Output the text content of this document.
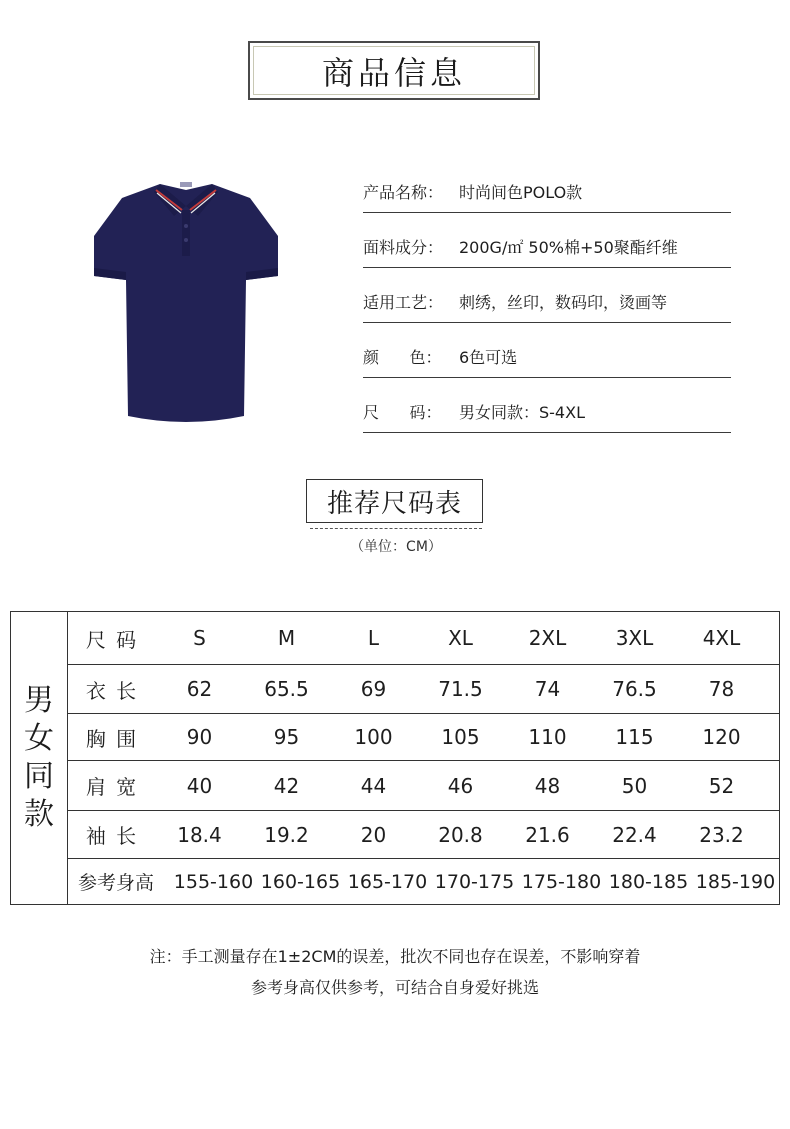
商品信息
产品名称： 时尚间色POLO款
面料成分： 200G/㎡ 50%棉+50聚酯纤维
适用工艺： 刺绣，丝印，数码印，烫画等
颜      色：	6色可选
尺      码：	男女同款：S-4XL
推荐尺码表
（单位：CM）
男
女
同
款
尺 码	S	M	L	XL	2XL	3XL	4XL
衣 长	62	65.5	69	71.5	74	76.5	78
胸 围	90	95	100	105	110	115	120
肩 宽	40	42	44	46	48	50	52
袖 长	18.4	19.2	20	20.8	21.6	22.4	23.2
参考身高	155-160 160-165 165-170 170-175 175-180 180-185 185-190
注：手工测量存在1±2CM的误差，批次不同也存在误差，不影响穿着
参考身高仅供参考，可结合自身爱好挑选
